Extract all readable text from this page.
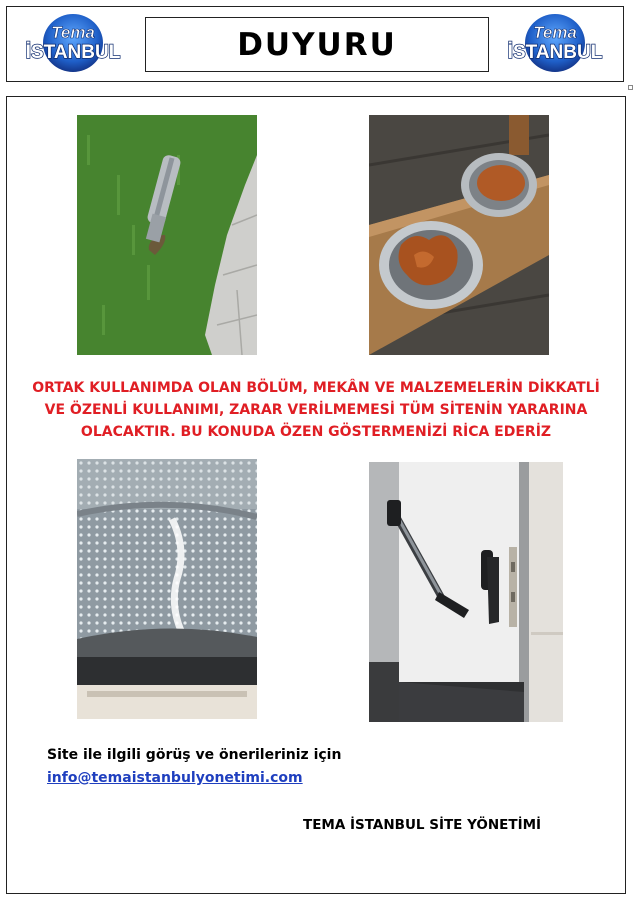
Tema
İSTANBUL	DUYURU	Tema
İSTANBUL
ORTAK KULLANIMDA OLAN BÖLÜM, MEKÂN VE MALZEMELERİN DİKKATLİ
VE ÖZENLİ KULLANIMI, ZARAR VERİLMEMESİ TÜM SİTENİN YARARINA
OLACAKTIR. BU KONUDA ÖZEN GÖSTERMENİZİ RİCA EDERİZ
Site ile ilgili görüş ve önerileriniz için
info@temaistanbulyonetimi.com
TEMA İSTANBUL SİTE YÖNETİMİ
